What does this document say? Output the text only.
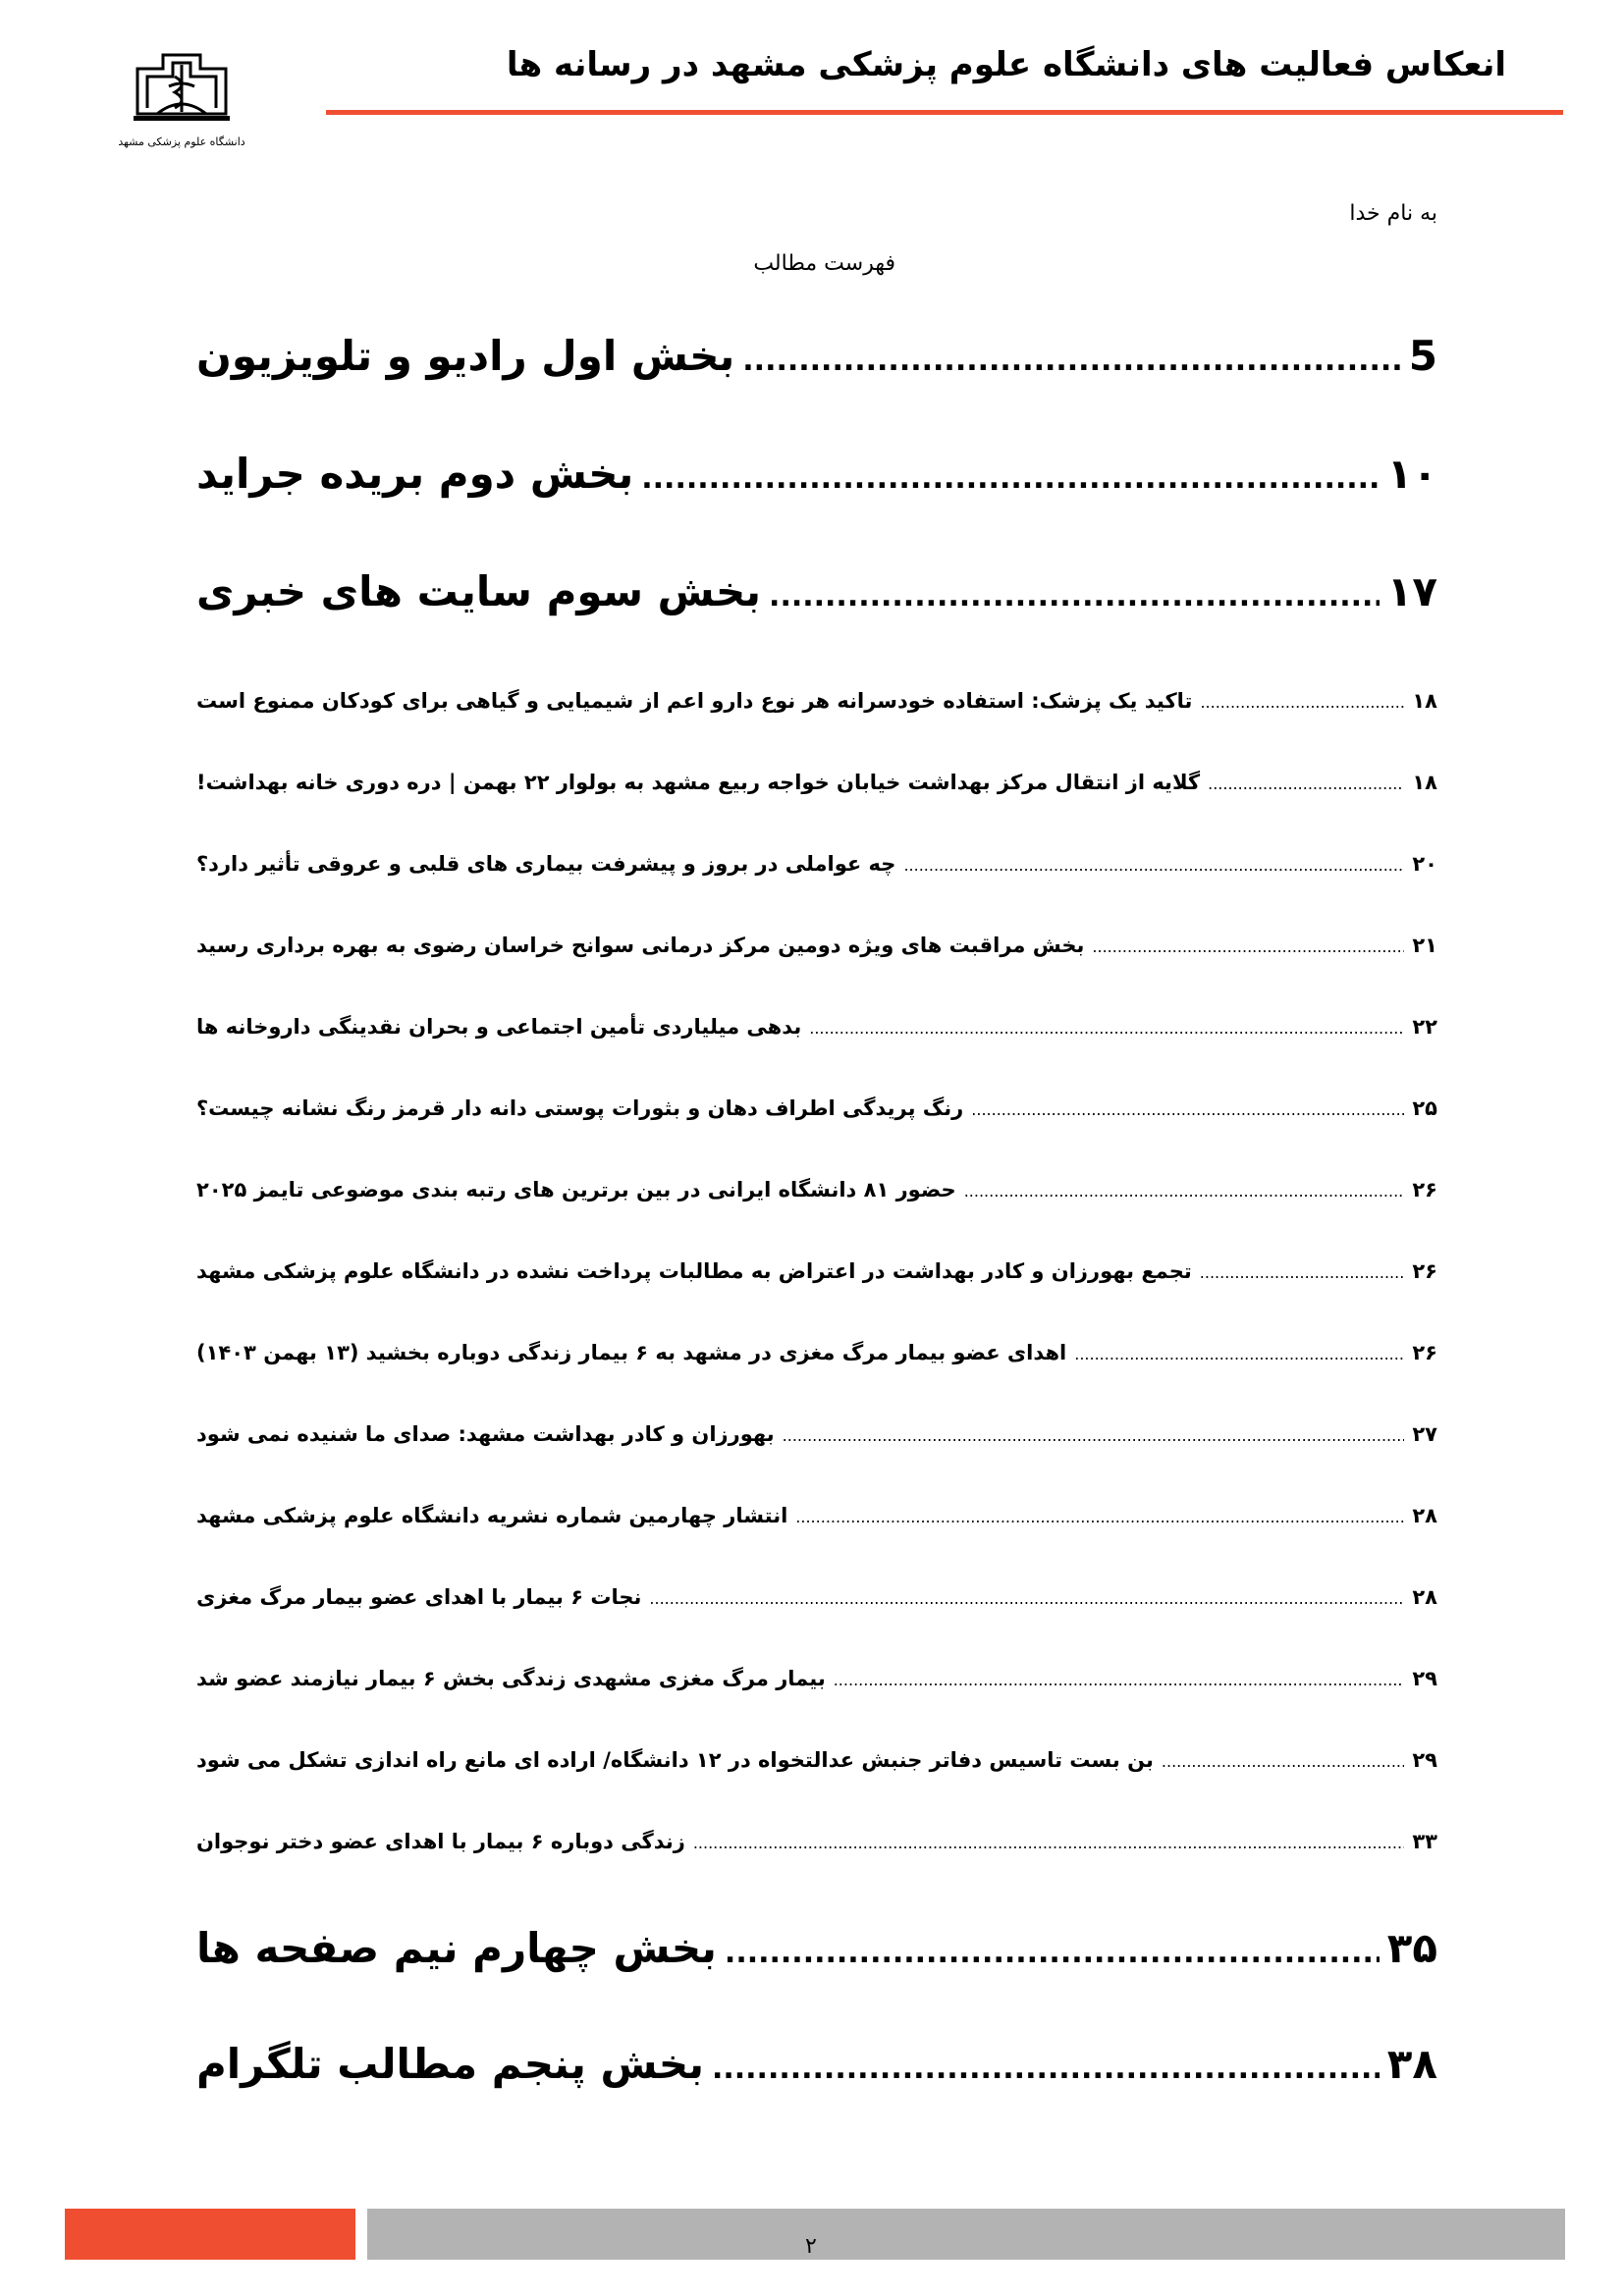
انعکاس فعالیت های دانشگاه علوم پزشکی مشهد در رسانه ها
دانشگاه علوم پزشکی مشهد
به نام خدا
فهرست مطالب
بخش اول رادیو و تلویزیون .....	5
بخش دوم بریده جراید .....	۱۰
بخش سوم سایت های خبری .....	۱۷
تاکید یک پزشک: استفاده خودسرانه هر نوع دارو اعم از شیمیایی و گیاهی برای کودکان ممنوع است .....	۱۸
گلایه از انتقال مرکز بهداشت خیابان خواجه ربیع مشهد به بولوار ۲۲ بهمن | دره دوری خانه بهداشت! .....	۱۸
چه عواملی در بروز و پیشرفت بیماری های قلبی و عروقی تأثیر دارد؟ .....	۲۰
بخش مراقبت های ویژه دومین مرکز درمانی سوانح خراسان رضوی به بهره برداری رسید .....	۲۱
بدهی میلیاردی تأمین اجتماعی و بحران نقدینگی داروخانه ها .....	۲۲
رنگ پریدگی اطراف دهان و بثورات پوستی دانه دار قرمز رنگ نشانه چیست؟ .....	۲۵
حضور ۸۱ دانشگاه ایرانی در بین برترین های رتبه بندی موضوعی تایمز ۲۰۲۵ .....	۲۶
تجمع بهورزان و کادر بهداشت در اعتراض به مطالبات پرداخت نشده در دانشگاه علوم پزشکی مشهد .....	۲۶
اهدای عضو بیمار مرگ مغزی در مشهد به ۶ بیمار زندگی دوباره بخشید (۱۳ بهمن ۱۴۰۳) .....	۲۶
بهورزان و کادر بهداشت مشهد: صدای ما شنیده نمی شود .....	۲۷
انتشار چهارمین شماره نشریه دانشگاه علوم پزشکی مشهد .....	۲۸
نجات ۶ بیمار با اهدای عضو بیمار مرگ مغزی .....	۲۸
بیمار مرگ مغزی مشهدی زندگی بخش ۶ بیمار نیازمند عضو شد .....	۲۹
بن بست تاسیس دفاتر جنبش عدالتخواه در ۱۲ دانشگاه/ اراده ای مانع راه اندازی تشکل می شود .....	۲۹
زندگی دوباره ۶ بیمار با اهدای عضو دختر نوجوان .....	۳۳
بخش چهارم نیم صفحه ها .....	۳۵
بخش پنجم مطالب تلگرام .....	۳۸
۲
